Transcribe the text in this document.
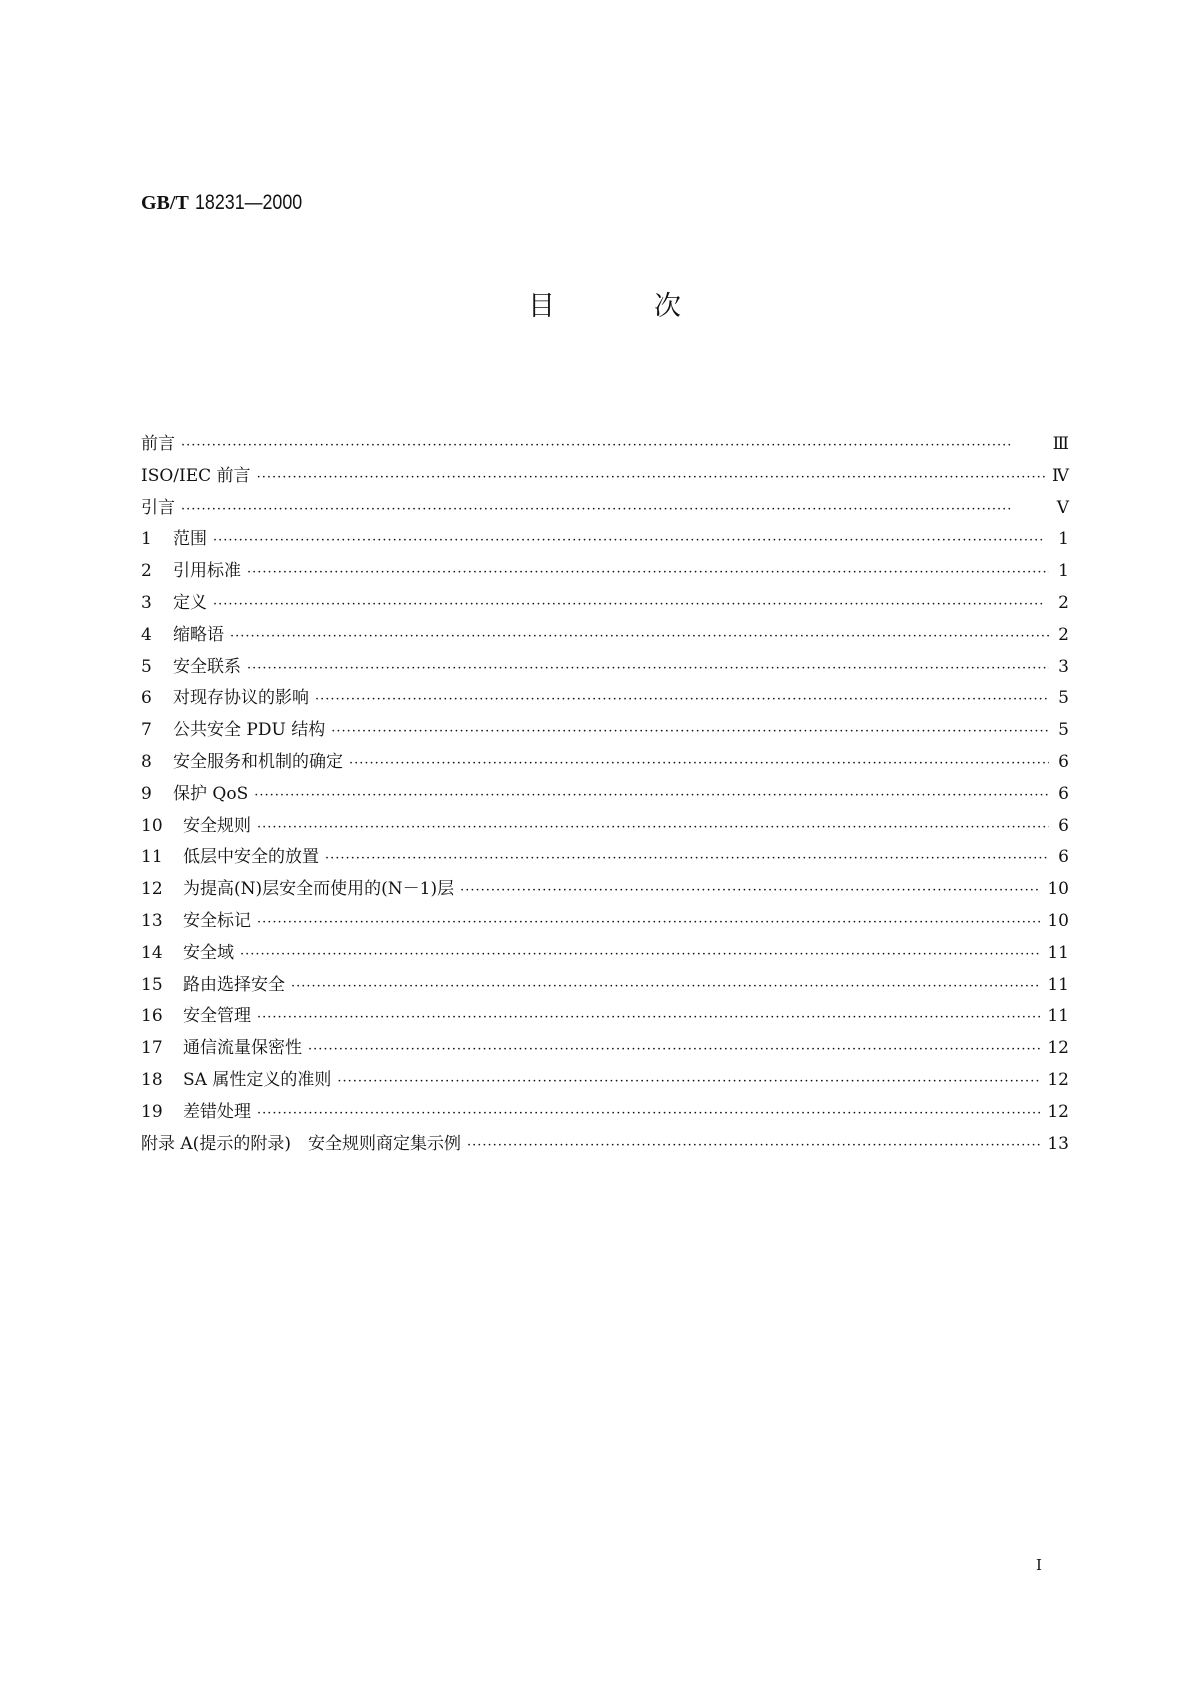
GB/T 18231—2000
目	次
前言 ·····	Ⅲ
ISO/IEC 前言 ·····	Ⅳ
引言 ·····	Ⅴ
1	范围 ·····	1
2	引用标准 ·····	1
3	定义 ·····	2
4	缩略语 ·····	2
5	安全联系 ·····	3
6	对现存协议的影响 ·····	5
7	公共安全 PDU 结构 ·····	5
8	安全服务和机制的确定 ·····	6
9	保护 QoS ·····	6
10	安全规则 ·····	6
11	低层中安全的放置 ·····	6
12	为提高(N)层安全而使用的(N－1)层 ·····	10
13	安全标记 ·····	10
14	安全域 ·····	11
15	路由选择安全 ·····	11
16	安全管理 ·····	11
17	通信流量保密性 ·····	12
18	SA 属性定义的准则 ·····	12
19	差错处理 ·····	12
附录 A(提示的附录)　安全规则商定集示例 ·····	13
I
